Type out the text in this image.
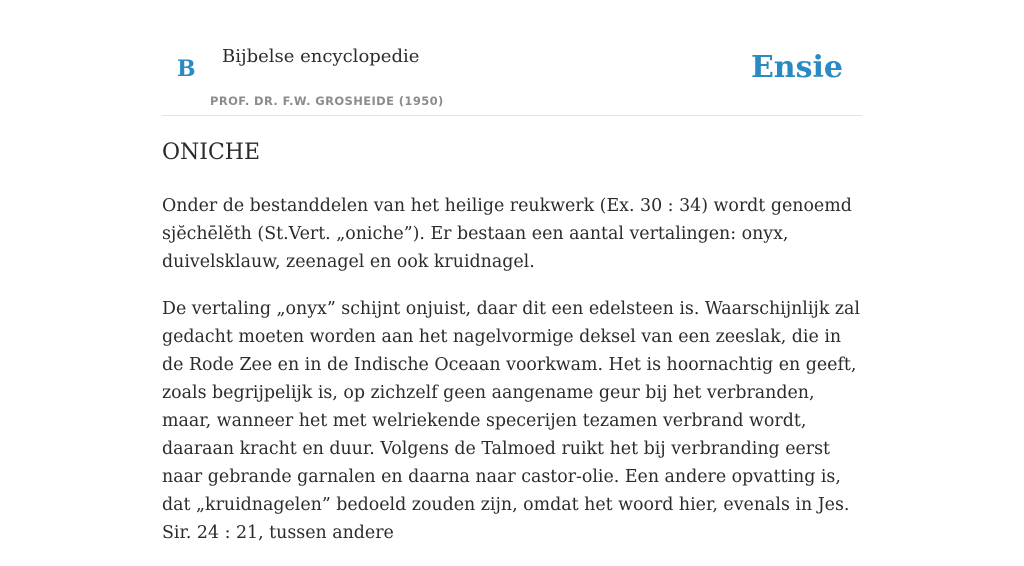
B Bijbelse encyclopedie
PROF. DR. F.W. GROSHEIDE (1950)
Ensie
ONICHE

Onder de bestanddelen van het heilige reukwerk (Ex. 30 : 34) wordt genoemd sjĕchēlĕth (St.Vert. „oniche”). Er bestaan een aantal vertalingen: onyx, duivelsklauw, zeenagel en ook kruidnagel.

De vertaling „onyx” schijnt onjuist, daar dit een edelsteen is. Waarschijnlijk zal gedacht moeten worden aan het nagelvormige deksel van een zeeslak, die in de Rode Zee en in de Indische Oceaan voorkwam. Het is hoornachtig en geeft, zoals begrijpelijk is, op zichzelf geen aangename geur bij het verbranden, maar, wanneer het met welriekende specerijen tezamen verbrand wordt, daaraan kracht en duur. Volgens de Talmoed ruikt het bij verbranding eerst naar gebrande garnalen en daarna naar castor-olie. Een andere opvatting is, dat „kruidnagelen” bedoeld zouden zijn, omdat het woord hier, evenals in Jes. Sir. 24 : 21, tussen andere
